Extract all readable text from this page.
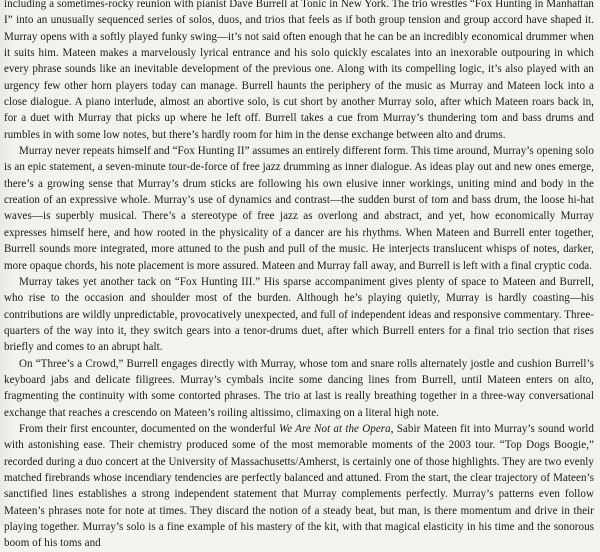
including a sometimes-rocky reunion with pianist Dave Burrell at Tonic in New York. The trio wrestles “Fox Hunting in Manhattan I” into an unusually sequenced series of solos, duos, and trios that feels as if both group tension and group accord have shaped it. Murray opens with a softly played funky swing—it’s not said often enough that he can be an incredibly economical drummer when it suits him. Mateen makes a marvelously lyrical entrance and his solo quickly escalates into an inexorable outpouring in which every phrase sounds like an inevitable development of the previous one. Along with its compelling logic, it’s also played with an urgency few other horn players today can manage. Burrell haunts the periphery of the music as Murray and Mateen lock into a close dialogue. A piano interlude, almost an abortive solo, is cut short by another Murray solo, after which Mateen roars back in, for a duet with Murray that picks up where he left off. Burrell takes a cue from Murray’s thundering tom and bass drums and rumbles in with some low notes, but there’s hardly room for him in the dense exchange between alto and drums.

Murray never repeats himself and “Fox Hunting II” assumes an entirely different form. This time around, Murray’s opening solo is an epic statement, a seven-minute tour-de-force of free jazz drumming as inner dialogue. As ideas play out and new ones emerge, there’s a growing sense that Murray’s drum sticks are following his own elusive inner workings, uniting mind and body in the creation of an expressive whole. Murray’s use of dynamics and contrast—the sudden burst of tom and bass drum, the loose hi-hat waves—is superbly musical. There’s a stereotype of free jazz as overlong and abstract, and yet, how economically Murray expresses himself here, and how rooted in the physicality of a dancer are his rhythms. When Mateen and Burrell enter together, Burrell sounds more integrated, more attuned to the push and pull of the music. He interjects translucent whisps of notes, darker, more opaque chords, his note placement is more assured. Mateen and Murray fall away, and Burrell is left with a final cryptic coda.

Murray takes yet another tack on “Fox Hunting III.” His sparse accompaniment gives plenty of space to Mateen and Burrell, who rise to the occasion and shoulder most of the burden. Although he’s playing quietly, Murray is hardly coasting—his contributions are wildly unpredictable, provocatively unexpected, and full of independent ideas and responsive commentary. Three-quarters of the way into it, they switch gears into a tenor-drums duet, after which Burrell enters for a final trio section that rises briefly and comes to an abrupt halt.

On “Three’s a Crowd,” Burrell engages directly with Murray, whose tom and snare rolls alternately jostle and cushion Burrell’s keyboard jabs and delicate filigrees. Murray’s cymbals incite some dancing lines from Burrell, until Mateen enters on alto, fragmenting the continuity with some contorted phrases. The trio at last is really breathing together in a three-way conversational exchange that reaches a crescendo on Mateen’s roiling altissimo, climaxing on a literal high note.

From their first encounter, documented on the wonderful We Are Not at the Opera, Sabir Mateen fit into Murray’s sound world with astonishing ease. Their chemistry produced some of the most memorable moments of the 2003 tour. “Top Dogs Boogie,” recorded during a duo concert at the University of Massachusetts/Amherst, is certainly one of those highlights. They are two evenly matched firebrands whose incendiary tendencies are perfectly balanced and attuned. From the start, the clear trajectory of Mateen’s sanctified lines establishes a strong independent statement that Murray complements perfectly. Murray’s patterns even follow Mateen’s phrases note for note at times. They discard the notion of a steady beat, but man, is there momentum and drive in their playing together. Murray’s solo is a fine example of his mastery of the kit, with that magical elasticity in his time and the sonorous boom of his toms and
